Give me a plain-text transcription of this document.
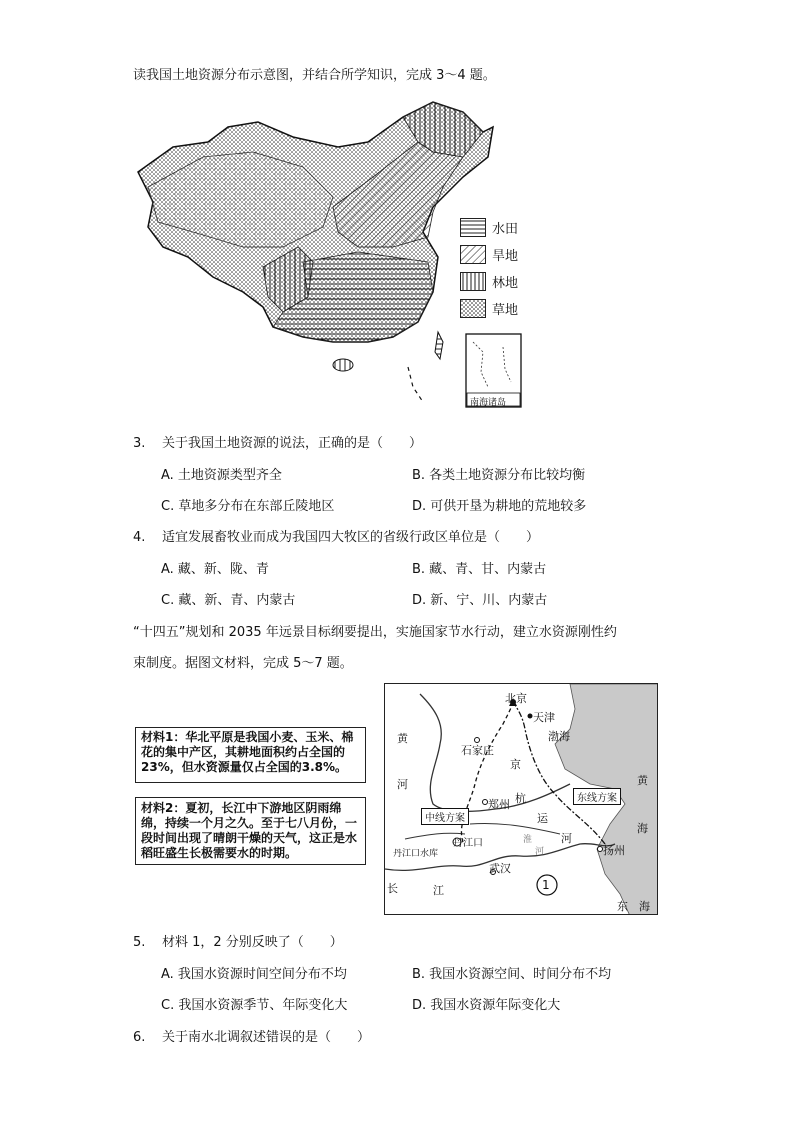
读我国土地资源分布示意图，并结合所学知识，完成 3～4 题。
南海诸岛
水田
旱地
林地
草地
3. 关于我国土地资源的说法，正确的是（　　）
A. 土地资源类型齐全	B. 各类土地资源分布比较均衡
C. 草地多分布在东部丘陵地区	D. 可供开垦为耕地的荒地较多
4. 适宜发展畜牧业而成为我国四大牧区的省级行政区单位是（　　）
A. 藏、新、陇、青	B. 藏、青、甘、内蒙古
C. 藏、新、青、内蒙古	D. 新、宁、川、内蒙古
“十四五”规划和 2035 年远景目标纲要提出，实施国家节水行动，建立水资源刚性约
束制度。据图文材料，完成 5～7 题。
材料1：华北平原是我国小麦、玉米、棉花的集中产区，其耕地面积约占全国的23%，但水资源量仅占全国的3.8%。
材料2：夏初，长江中下游地区阴雨绵绵，持续一个月之久。至于七八月份，一段时间出现了晴朗干燥的天气，这正是水稻旺盛生长极需要水的时期。
北京
天津
石家庄
渤海
黄
河
京
杭
运
河
郑州
黄
海
东线方案
中线方案
丹江口
丹江口水库
淮
河	扬州
武汉
长	江	1
东　海
5. 材料 1，2 分别反映了（　　）
A. 我国水资源时间空间分布不均	B. 我国水资源空间、时间分布不均
C. 我国水资源季节、年际变化大	D. 我国水资源年际变化大
6. 关于南水北调叙述错误的是（　　）
